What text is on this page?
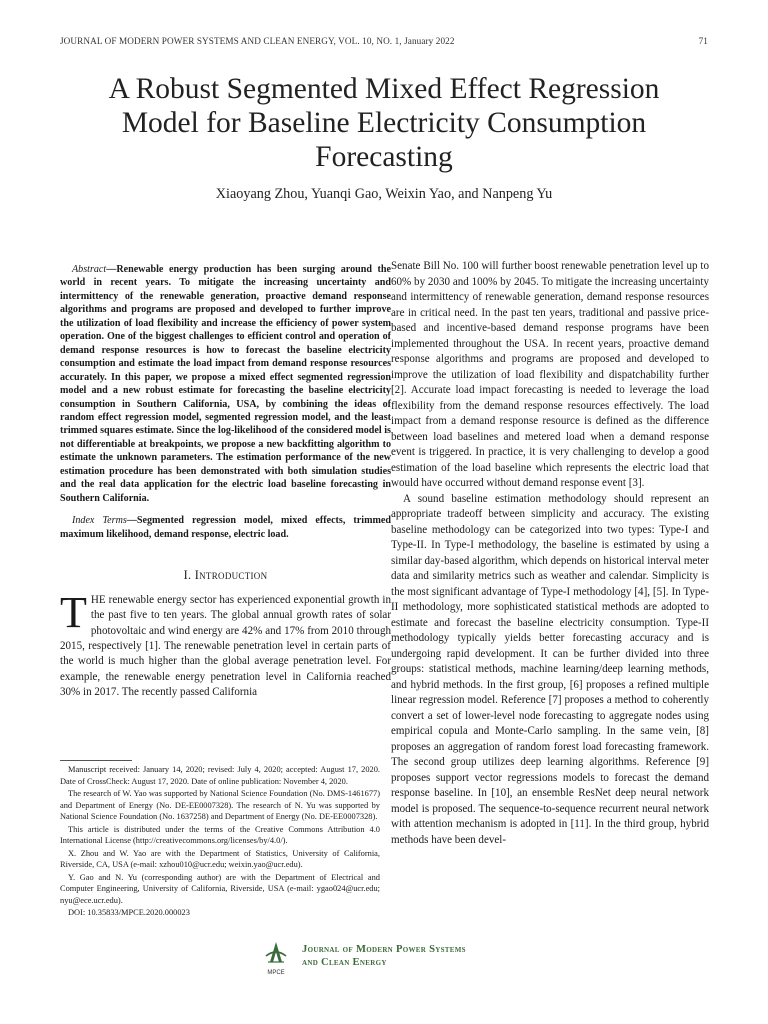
JOURNAL OF MODERN POWER SYSTEMS AND CLEAN ENERGY, VOL. 10, NO. 1, January 2022	71
A Robust Segmented Mixed Effect Regression
Model for Baseline Electricity Consumption
Forecasting
Xiaoyang Zhou, Yuanqi Gao, Weixin Yao, and Nanpeng Yu

Abstract—Renewable energy production has been surging around the world in recent years. To mitigate the increasing uncertainty and intermittency of the renewable generation, proactive demand response algorithms and programs are proposed and developed to further improve the utilization of load flexibility and increase the efficiency of power system operation. One of the biggest challenges to efficient control and operation of demand response resources is how to forecast the baseline electricity consumption and estimate the load impact from demand response resources accurately. In this paper, we propose a mixed effect segmented regression model and a new robust estimate for forecasting the baseline electricity consumption in Southern California, USA, by combining the ideas of random effect regression model, segmented regression model, and the least trimmed squares estimate. Since the log-likelihood of the considered model is not differentiable at breakpoints, we propose a new backfitting algorithm to estimate the unknown parameters. The estimation performance of the new estimation procedure has been demonstrated with both simulation studies and the real data application for the electric load baseline forecasting in Southern California.

Index Terms—Segmented regression model, mixed effects, trimmed maximum likelihood, demand response, electric load.

I. Introduction

THE renewable energy sector has experienced exponential growth in the past five to ten years. The global annual growth rates of solar photovoltaic and wind energy are 42% and 17% from 2010 through 2015, respectively [1]. The renewable penetration level in certain parts of the world is much higher than the global average penetration level. For example, the renewable energy penetration level in California reached 30% in 2017. The recently passed California

Manuscript received: January 14, 2020; revised: July 4, 2020; accepted: August 17, 2020. Date of CrossCheck: August 17, 2020. Date of online publication: November 4, 2020.

The research of W. Yao was supported by National Science Foundation (No. DMS-1461677) and Department of Energy (No. DE-EE0007328). The research of N. Yu was supported by National Science Foundation (No. 1637258) and Department of Energy (No. DE-EE0007328).

This article is distributed under the terms of the Creative Commons Attribution 4.0 International License (http://creativecommons.org/licenses/by/4.0/).

X. Zhou and W. Yao are with the Department of Statistics, University of California, Riverside, CA, USA (e-mail: xzhou010@ucr.edu; weixin.yao@ucr.edu).

Y. Gao and N. Yu (corresponding author) are with the Department of Electrical and Computer Engineering, University of California, Riverside, USA (e-mail: ygao024@ucr.edu; nyu@ece.ucr.edu).

DOI: 10.35833/MPCE.2020.000023

Senate Bill No. 100 will further boost renewable penetration level up to 60% by 2030 and 100% by 2045. To mitigate the increasing uncertainty and intermittency of renewable generation, demand response resources are in critical need. In the past ten years, traditional and passive price-based and incentive-based demand response programs have been implemented throughout the USA. In recent years, proactive demand response algorithms and programs are proposed and developed to improve the utilization of load flexibility and dispatchability further [2]. Accurate load impact forecasting is needed to leverage the load flexibility from the demand response resources effectively. The load impact from a demand response resource is defined as the difference between load baselines and metered load when a demand response event is triggered. In practice, it is very challenging to develop a good estimation of the load baseline which represents the electric load that would have occurred without demand response event [3].

A sound baseline estimation methodology should represent an appropriate tradeoff between simplicity and accuracy. The existing baseline methodology can be categorized into two types: Type-I and Type-II. In Type-I methodology, the baseline is estimated by using a similar day-based algorithm, which depends on historical interval meter data and similarity metrics such as weather and calendar. Simplicity is the most significant advantage of Type-I methodology [4], [5]. In Type-II methodology, more sophisticated statistical methods are adopted to estimate and forecast the baseline electricity consumption. Type-II methodology typically yields better forecasting accuracy and is undergoing rapid development. It can be further divided into three groups: statistical methods, machine learning/deep learning methods, and hybrid methods. In the first group, [6] proposes a refined multiple linear regression model. Reference [7] proposes a method to coherently convert a set of lower-level node forecasting to aggregate nodes using empirical copula and Monte-Carlo sampling. In the same vein, [8] proposes an aggregation of random forest load forecasting framework. The second group utilizes deep learning algorithms. Reference [9] proposes support vector regressions models to forecast the demand response baseline. In [10], an ensemble ResNet deep neural network model is proposed. The sequence-to-sequence recurrent neural network with attention mechanism is adopted in [11]. In the third group, hybrid methods have been devel-

MPCE
Journal of Modern Power Systems
and Clean Energy
